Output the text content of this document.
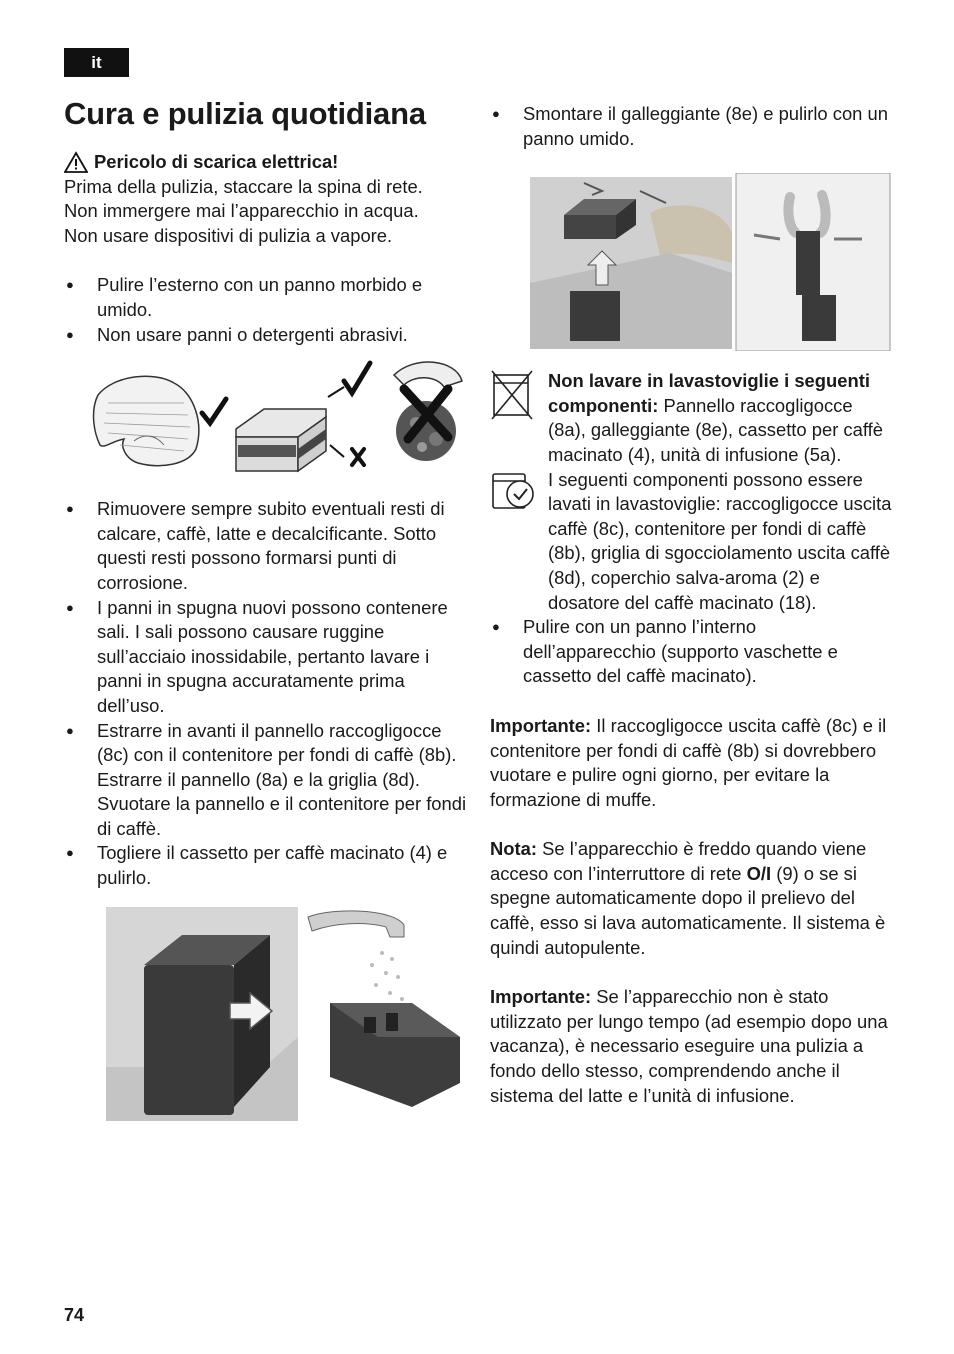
it
Cura e pulizia quotidiana
Pericolo di scarica elettrica!

Prima della pulizia, staccare la spina di rete.

Non immergere mai l’apparecchio in acqua.

Non usare dispositivi di pulizia a vapore.

● Pulire l’esterno con un panno morbido e umido.
● Non usare panni o detergenti abrasivi.
● Rimuovere sempre subito eventuali resti di calcare, caffè, latte e decalcificante. Sotto questi resti possono formarsi punti di corrosione.
● I panni in spugna nuovi possono contenere sali. I sali possono causare ruggine sull’acciaio inossidabile, pertanto lavare i panni in spugna accuratamente prima dell’uso.
● Estrarre in avanti il pannello raccogligocce (8c) con il contenitore per fondi di caffè (8b). Estrarre il pannello (8a) e la griglia (8d). Svuotare la pannello e il contenitore per fondi di caffè.
● Togliere il cassetto per caffè macinato (4) e pulirlo.
● Smontare il galleggiante (8e) e pulirlo con un panno umido.

Non lavare in lavastoviglie i seguenti componenti: Pannello raccogligocce (8a), galleggiante (8e), cassetto per caffè macinato (4), unità di infusione (5a).

I seguenti componenti possono essere lavati in lavastoviglie: raccogligocce uscita caffè (8c), contenitore per fondi di caffè (8b), griglia di sgocciolamento uscita caffè (8d), coperchio salva-aroma (2) e dosatore del caffè macinato (18).

● Pulire con un panno l’interno dell’apparecchio (supporto vaschette e cassetto del caffè macinato).

Importante: Il raccogligocce uscita caffè (8c) e il contenitore per fondi di caffè (8b) si dovrebbero vuotare e pulire ogni giorno, per evitare la formazione di muffe.

Nota: Se l’apparecchio è freddo quando viene acceso con l’interruttore di rete O/I (9) o se si spegne automaticamente dopo il prelievo del caffè, esso si lava automaticamente. Il sistema è quindi autopulente.

Importante: Se l’apparecchio non è stato utilizzato per lungo tempo (ad esempio dopo una vacanza), è necessario eseguire una pulizia a fondo dello stesso, comprendendo anche il sistema del latte e l’unità di infusione.

74
